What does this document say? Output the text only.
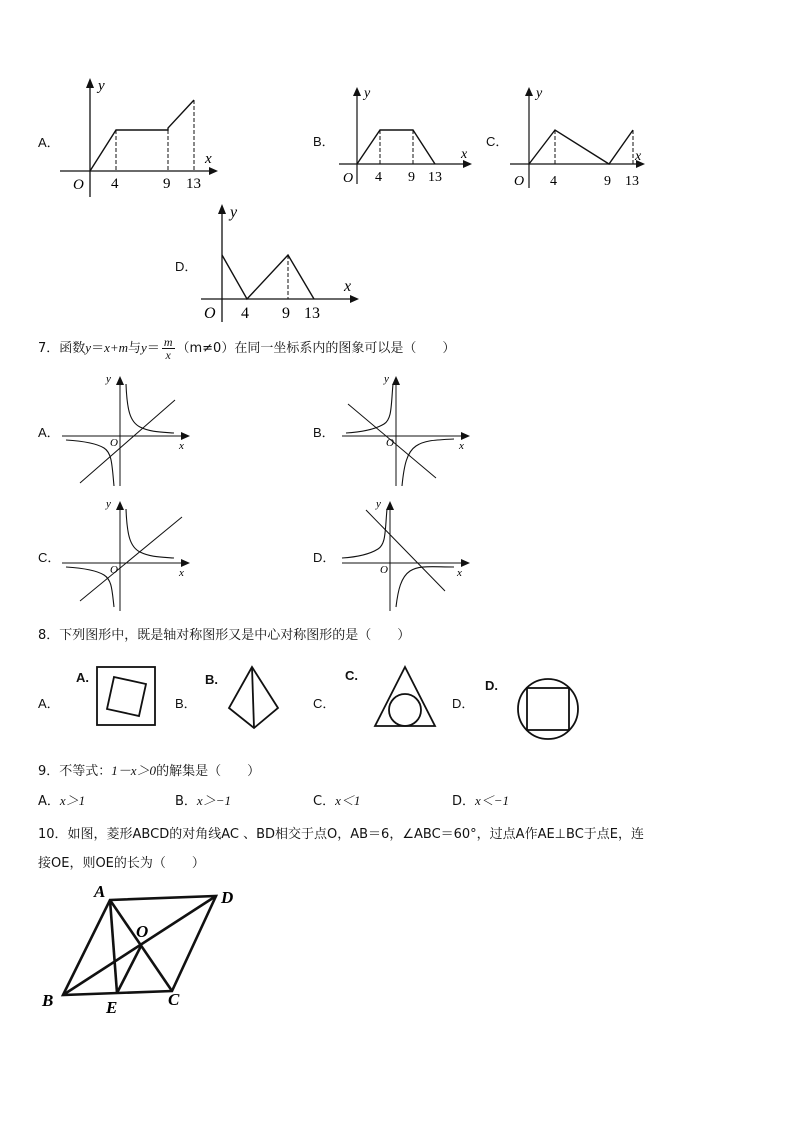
A．
y
x
O 4	9 13
B．
y
x
O 4 9 13
C．
y
x
O 4	9 13
D．
y
x
O 4 9 13
7．函数y＝x+m与$y= \frac{m}{x} (m\ne 0)$在同一坐标系内的图象可以是（　　）
A．
y
x
O
B．
y
x
O
C．
y
x
O
D．
y
x
O
8．下列图形中，既是轴对称图形又是中心对称图形的是（　　）
A．
A.
B．
B.
C．
C.
D．
D.
9．不等式：1－x＞0的解集是（　　）
A．x＞1	B．x＞−1	C．x＜1	D．x＜−1
10．如图，菱形ABCD的对角线AC 、BD相交于点O，AB＝6，∠ABC＝60°，过点A作AE⊥BC于点E，连
接OE，则OE的长为（　　）
A	D
O
B	E	C
